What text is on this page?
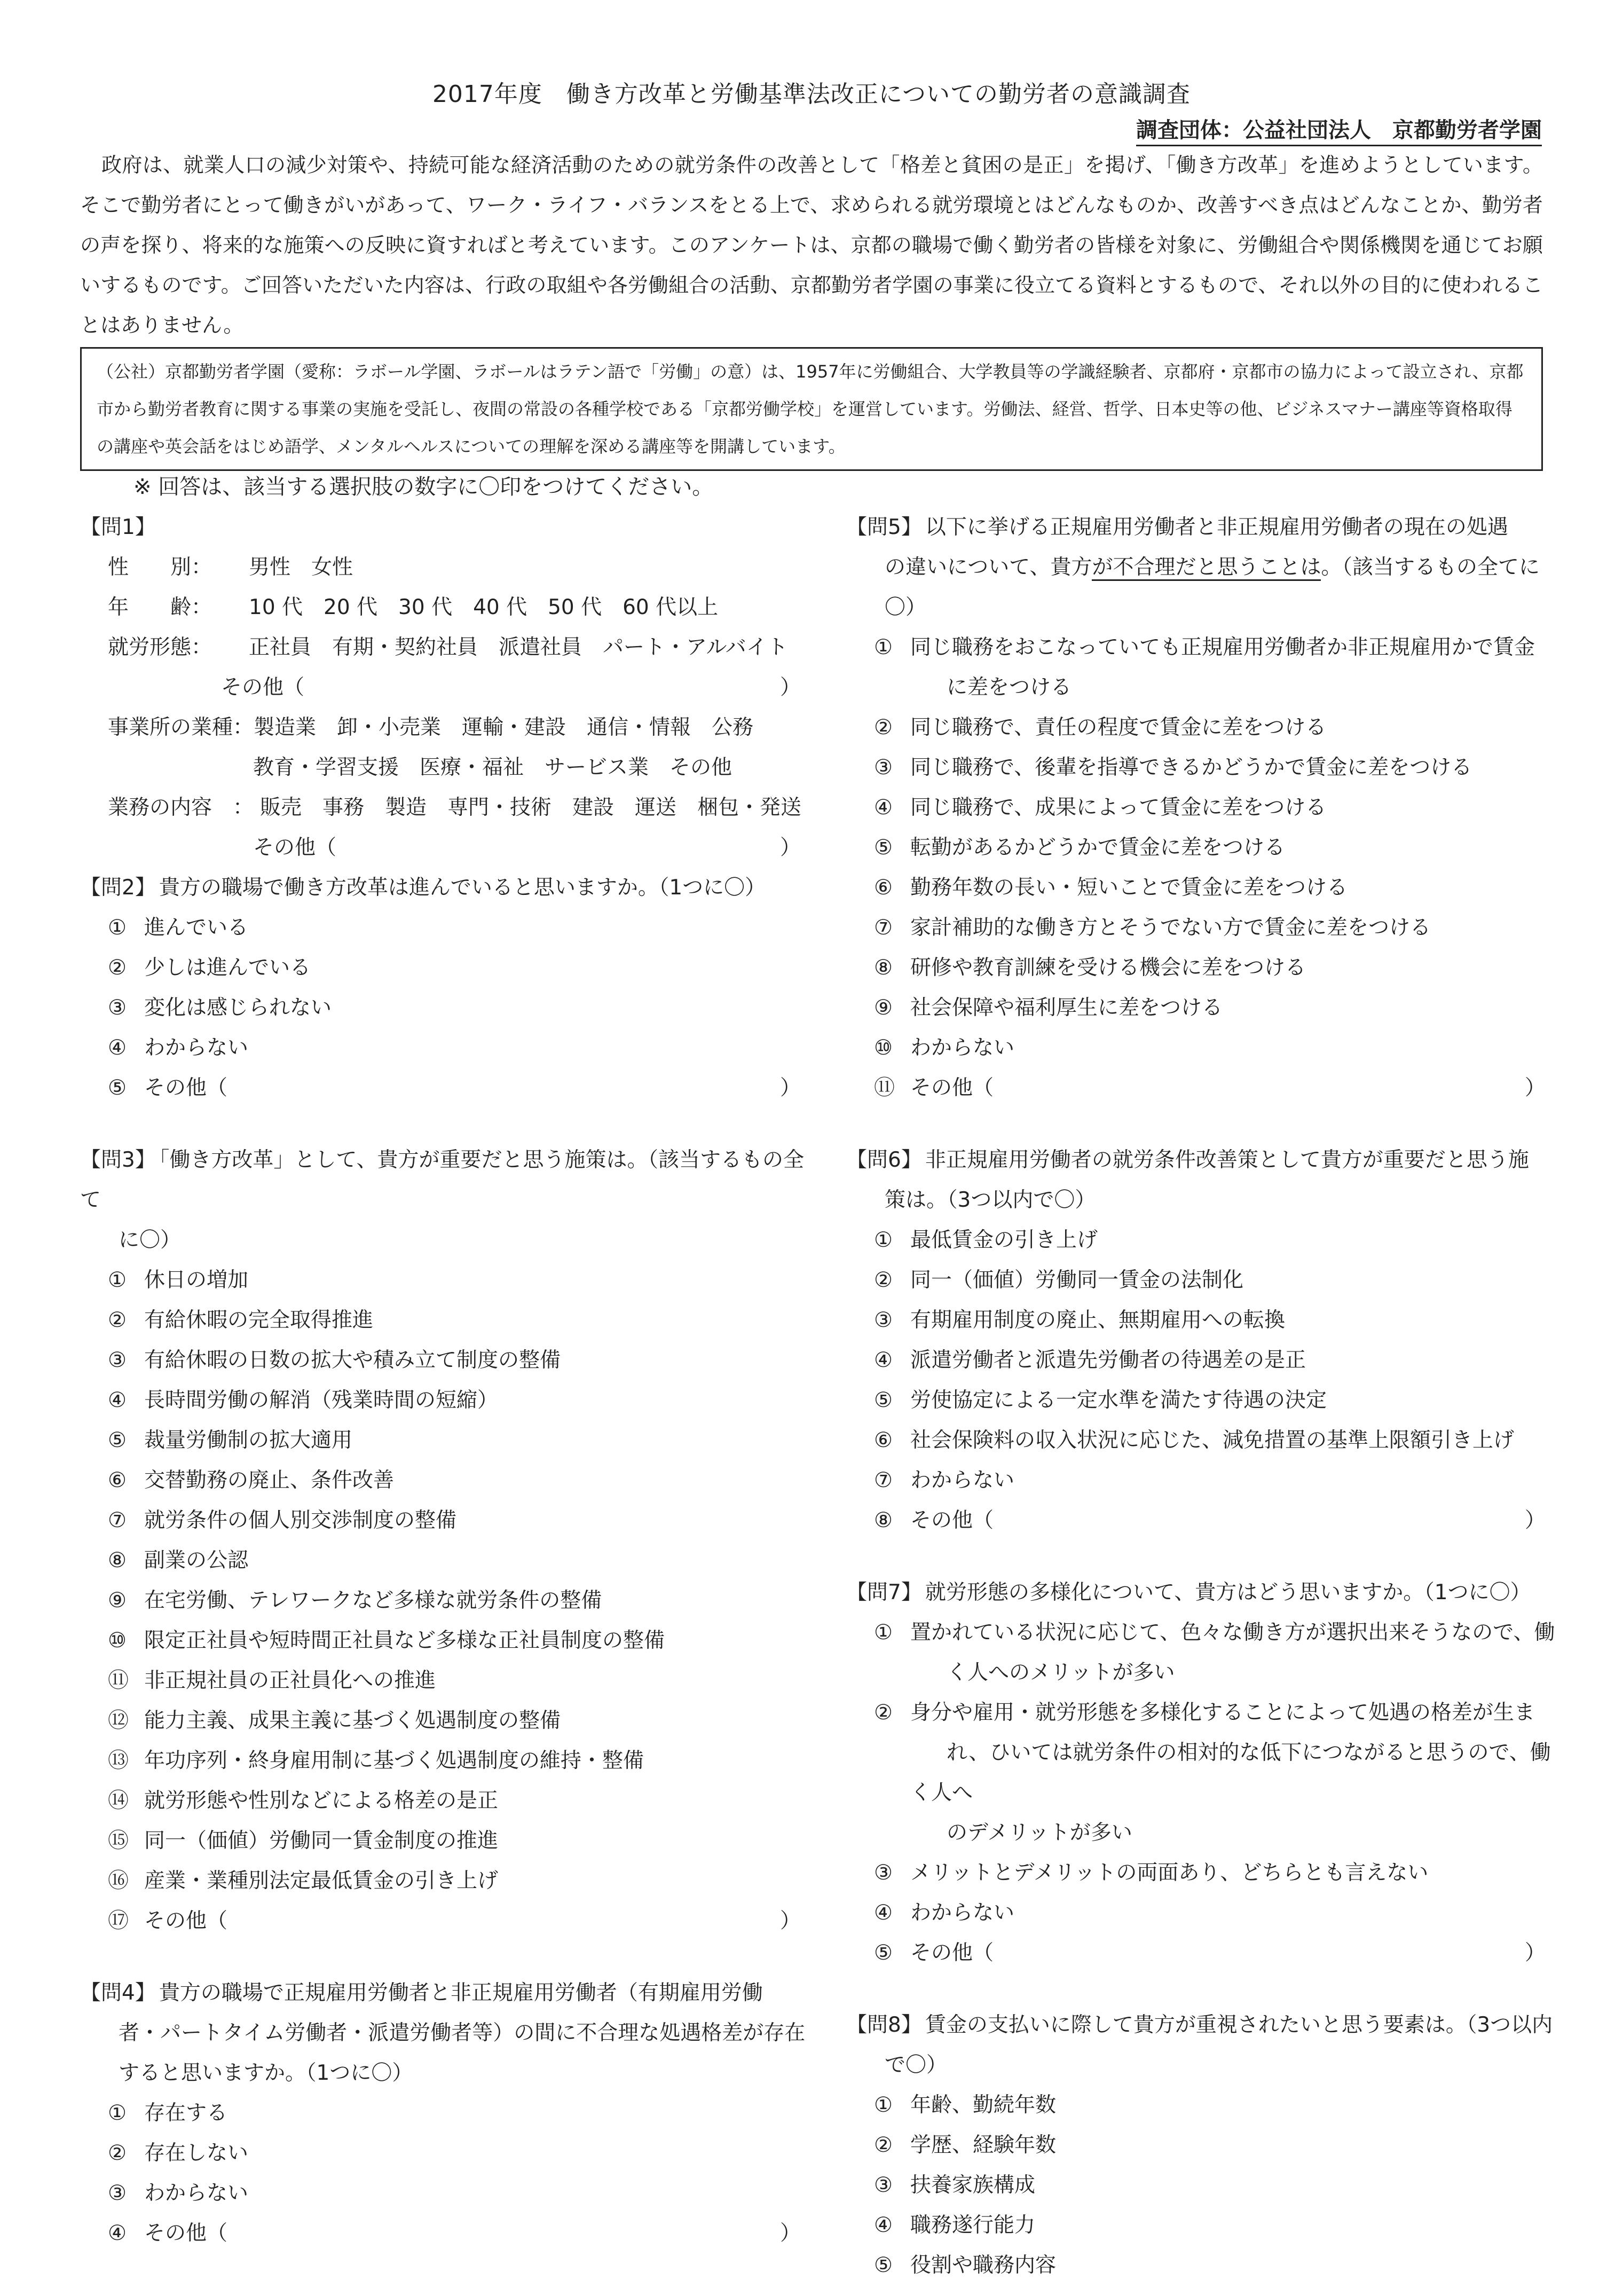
2017年度　働き方改革と労働基準法改正についての勤労者の意識調査
調査団体：公益社団法人　京都勤労者学園
政府は、就業人口の減少対策や、持続可能な経済活動のための就労条件の改善として「格差と貧困の是正」を掲げ、「働き方改革」を進めようとしています。そこで勤労者にとって働きがいがあって、ワーク・ライフ・バランスをとる上で、求められる就労環境とはどんなものか、改善すべき点はどんなことか、勤労者の声を探り、将来的な施策への反映に資すればと考えています。このアンケートは、京都の職場で働く勤労者の皆様を対象に、労働組合や関係機関を通じてお願いするものです。ご回答いただいた内容は、行政の取組や各労働組合の活動、京都勤労者学園の事業に役立てる資料とするもので、それ以外の目的に使われることはありません。
（公社）京都勤労者学園（愛称：ラボール学園、ラボールはラテン語で「労働」の意）は、1957年に労働組合、大学教員等の学識経験者、京都府・京都市の協力によって設立され、京都市から勤労者教育に関する事業の実施を受託し、夜間の常設の各種学校である「京都労働学校」を運営しています。労働法、経営、哲学、日本史等の他、ビジネスマナー講座等資格取得の講座や英会話をはじめ語学、メンタルヘルスについての理解を深める講座等を開講しています。
※ 回答は、該当する選択肢の数字に〇印をつけてください。
【問1】
性　　別：	男性　女性
年　　齢：	10 代　20 代　30 代　40 代　50 代　60 代以上
就労形態：	正社員　有期・契約社員　派遣社員　パート・アルバイト
その他（	）
事業所の業種： 製造業　卸・小売業　運輸・建設　通信・情報　公務
教育・学習支援　医療・福祉　サービス業　その他
業務の内容　： 販売　事務　製造　専門・技術　建設　運送　梱包・発送
その他（	）
【問2】 貴方の職場で働き方改革は進んでいると思いますか。（1つに〇）
① 進んでいる
② 少しは進んでいる
③ 変化は感じられない
④ わからない
⑤ その他（	）
【問3】 「働き方改革」として、貴方が重要だと思う施策は。（該当するもの全て
に〇）
① 休日の増加
② 有給休暇の完全取得推進
③ 有給休暇の日数の拡大や積み立て制度の整備
④ 長時間労働の解消（残業時間の短縮）
⑤ 裁量労働制の拡大適用
⑥ 交替勤務の廃止、条件改善
⑦ 就労条件の個人別交渉制度の整備
⑧ 副業の公認
⑨ 在宅労働、テレワークなど多様な就労条件の整備
⑩ 限定正社員や短時間正社員など多様な正社員制度の整備
⑪ 非正規社員の正社員化への推進
⑫ 能力主義、成果主義に基づく処遇制度の整備
⑬ 年功序列・終身雇用制に基づく処遇制度の維持・整備
⑭ 就労形態や性別などによる格差の是正
⑮ 同一（価値）労働同一賃金制度の推進
⑯ 産業・業種別法定最低賃金の引き上げ
⑰ その他（	）
【問4】 貴方の職場で正規雇用労働者と非正規雇用労働者（有期雇用労働
者・パートタイム労働者・派遣労働者等）の間に不合理な処遇格差が存在
すると思いますか。（1つに〇）
① 存在する
② 存在しない
③ わからない
④ その他（	）
【問5】 以下に挙げる正規雇用労働者と非正規雇用労働者の現在の処遇
の違いについて、貴方が不合理だと思うことは。（該当するもの全てに〇）
① 同じ職務をおこなっていても正規雇用労働者か非正規雇用かで賃金
に差をつける
② 同じ職務で、責任の程度で賃金に差をつける
③ 同じ職務で、後輩を指導できるかどうかで賃金に差をつける
④ 同じ職務で、成果によって賃金に差をつける
⑤ 転勤があるかどうかで賃金に差をつける
⑥ 勤務年数の長い・短いことで賃金に差をつける
⑦ 家計補助的な働き方とそうでない方で賃金に差をつける
⑧ 研修や教育訓練を受ける機会に差をつける
⑨ 社会保障や福利厚生に差をつける
⑩ わからない
⑪ その他（	）
【問6】 非正規雇用労働者の就労条件改善策として貴方が重要だと思う施
策は。（3つ以内で〇）
① 最低賃金の引き上げ
② 同一（価値）労働同一賃金の法制化
③ 有期雇用制度の廃止、無期雇用への転換
④ 派遣労働者と派遣先労働者の待遇差の是正
⑤ 労使協定による一定水準を満たす待遇の決定
⑥ 社会保険料の収入状況に応じた、減免措置の基準上限額引き上げ
⑦ わからない
⑧ その他（	）
【問7】 就労形態の多様化について、貴方はどう思いますか。（1つに〇）
① 置かれている状況に応じて、色々な働き方が選択出来そうなので、働
く人へのメリットが多い
② 身分や雇用・就労形態を多様化することによって処遇の格差が生ま
れ、ひいては就労条件の相対的な低下につながると思うので、働く人へ
のデメリットが多い
③ メリットとデメリットの両面あり、どちらとも言えない
④ わからない
⑤ その他（	）
【問8】 賃金の支払いに際して貴方が重視されたいと思う要素は。（3つ以内
で〇）
① 年齢、勤続年数
② 学歴、経験年数
③ 扶養家族構成
④ 職務遂行能力
⑤ 役割や職務内容
